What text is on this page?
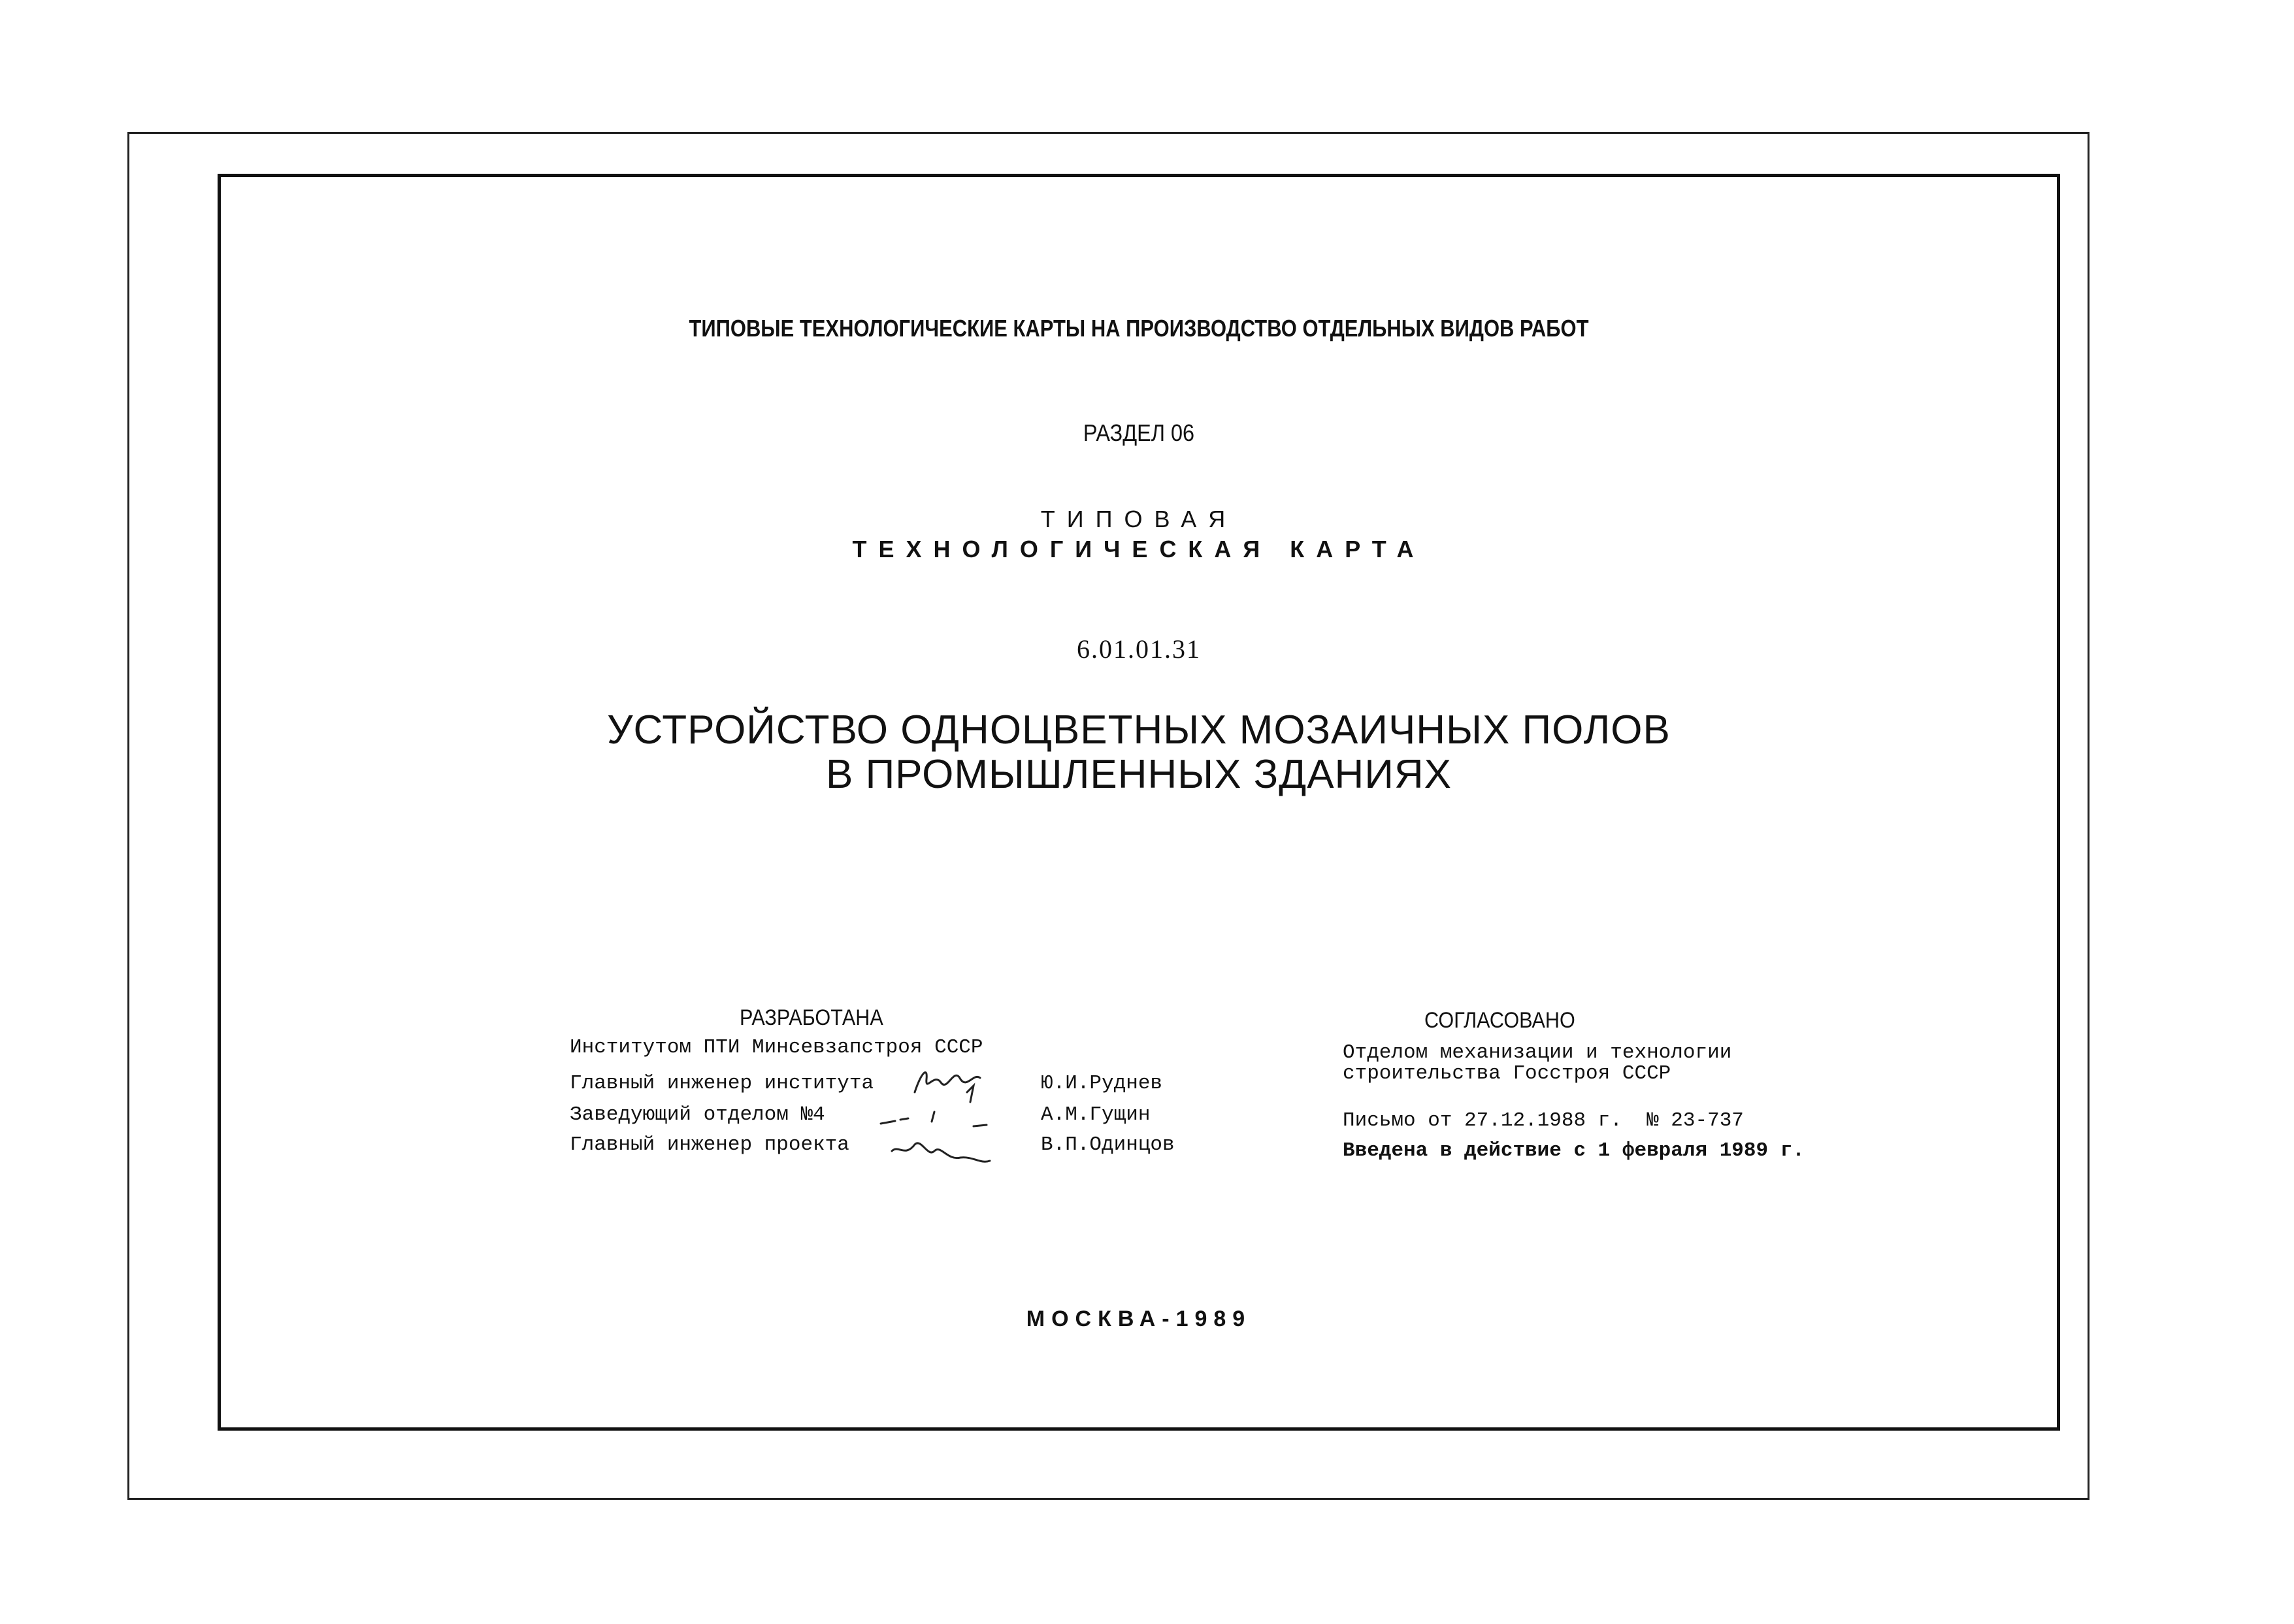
ТИПОВЫЕ ТЕХНОЛОГИЧЕСКИЕ КАРТЫ НА ПРОИЗВОДСТВО ОТДЕЛЬНЫХ ВИДОВ РАБОТ
РАЗДЕЛ 06
ТИПОВАЯ
ТЕХНОЛОГИЧЕСКАЯ КАРТА
6.01.01.31
УСТРОЙСТВО ОДНОЦВЕТНЫХ МОЗАИЧНЫХ ПОЛОВ
В ПРОМЫШЛЕННЫХ ЗДАНИЯХ
РАЗРАБОТАНА
Институтом ПТИ Минсевзапстроя СССР
Главный инженер института	Ю.И.Руднев
Заведующий отделом №4	А.М.Гущин
Главный инженер проекта	В.П.Одинцов
СОГЛАСОВАНО
Отделом механизации и технологии
строительства Госстроя СССР
Письмо от 27.12.1988 г.  № 23-737
Введена в действие с 1 февраля 1989 г.
МОСКВА-1989
